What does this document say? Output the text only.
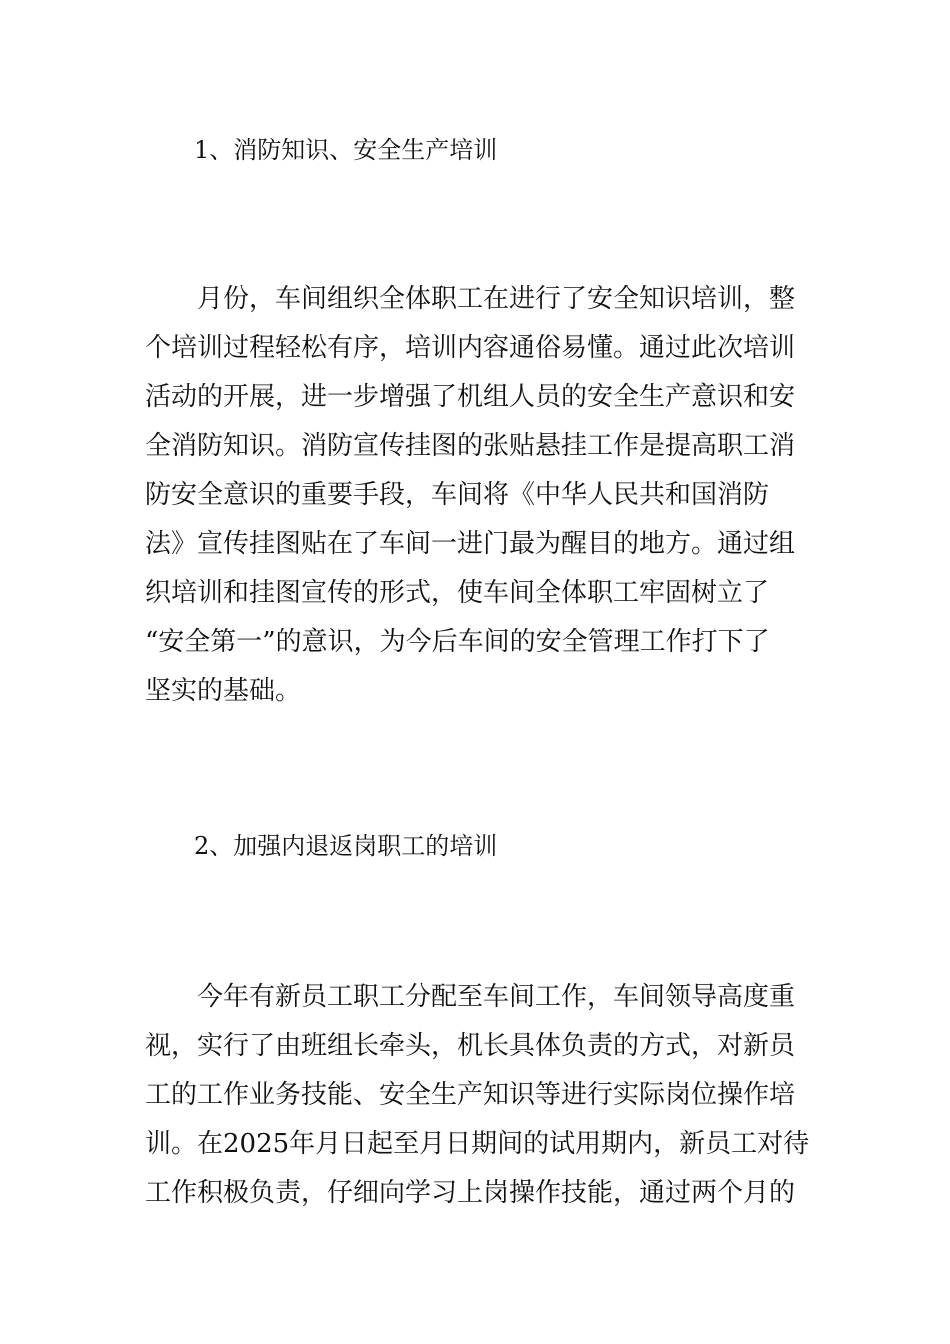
1、消防知识、安全生产培训
　　月份，车间组织全体职工在进行了安全知识培训，整
个培训过程轻松有序，培训内容通俗易懂。通过此次培训
活动的开展，进一步增强了机组人员的安全生产意识和安
全消防知识。消防宣传挂图的张贴悬挂工作是提高职工消
防安全意识的重要手段，车间将《中华人民共和国消防
法》宣传挂图贴在了车间一进门最为醒目的地方。通过组
织培训和挂图宣传的形式，使车间全体职工牢固树立了
“安全第一”的意识，为今后车间的安全管理工作打下了
坚实的基础。
2、加强内退返岗职工的培训
　　今年有新员工职工分配至车间工作，车间领导高度重
视，实行了由班组长牵头，机长具体负责的方式，对新员
工的工作业务技能、安全生产知识等进行实际岗位操作培
训。在2025年月日起至月日期间的试用期内，新员工对待
工作积极负责，仔细向学习上岗操作技能，通过两个月的
